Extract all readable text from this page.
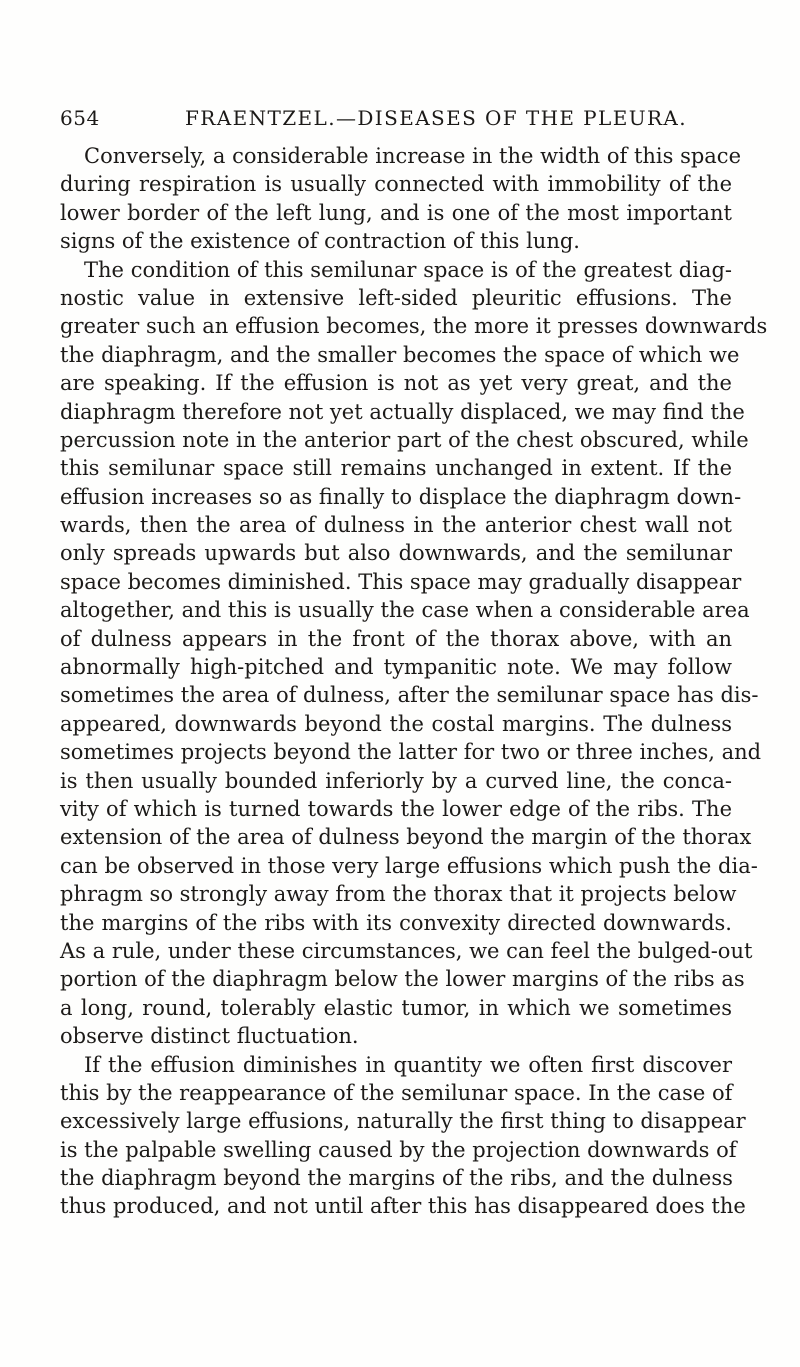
654	FRAENTZEL.—DISEASES OF THE PLEURA.
Conversely, a considerable increase in the width of this space
during respiration is usually connected with immobility of the
lower border of the left lung, and is one of the most important
signs of the existence of contraction of this lung.
The condition of this semilunar space is of the greatest diag-
nostic value in extensive left-sided pleuritic effusions. The
greater such an effusion becomes, the more it presses downwards
the diaphragm, and the smaller becomes the space of which we
are speaking. If the effusion is not as yet very great, and the
diaphragm therefore not yet actually displaced, we may find the
percussion note in the anterior part of the chest obscured, while
this semilunar space still remains unchanged in extent. If the
effusion increases so as finally to displace the diaphragm down-
wards, then the area of dulness in the anterior chest wall not
only spreads upwards but also downwards, and the semilunar
space becomes diminished. This space may gradually disappear
altogether, and this is usually the case when a considerable area
of dulness appears in the front of the thorax above, with an
abnormally high-pitched and tympanitic note. We may follow
sometimes the area of dulness, after the semilunar space has dis-
appeared, downwards beyond the costal margins. The dulness
sometimes projects beyond the latter for two or three inches, and
is then usually bounded inferiorly by a curved line, the conca-
vity of which is turned towards the lower edge of the ribs. The
extension of the area of dulness beyond the margin of the thorax
can be observed in those very large effusions which push the dia-
phragm so strongly away from the thorax that it projects below
the margins of the ribs with its convexity directed downwards.
As a rule, under these circumstances, we can feel the bulged-out
portion of the diaphragm below the lower margins of the ribs as
a long, round, tolerably elastic tumor, in which we sometimes
observe distinct fluctuation.
If the effusion diminishes in quantity we often first discover
this by the reappearance of the semilunar space. In the case of
excessively large effusions, naturally the first thing to disappear
is the palpable swelling caused by the projection downwards of
the diaphragm beyond the margins of the ribs, and the dulness
thus produced, and not until after this has disappeared does the
